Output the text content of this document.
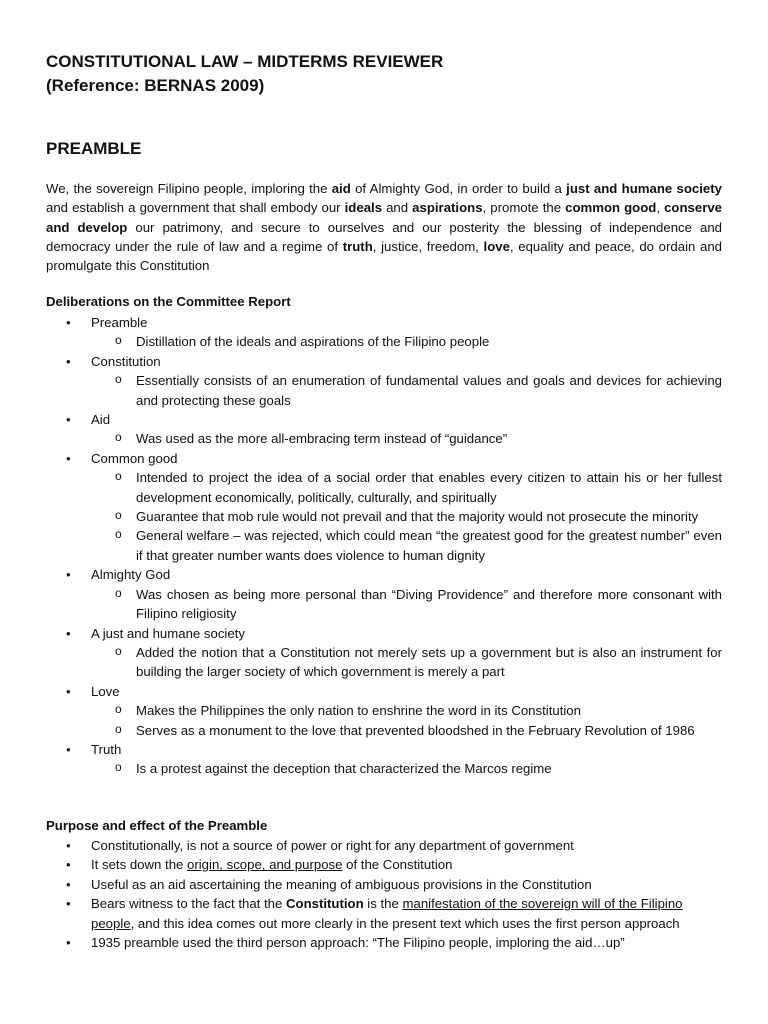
CONSTITUTIONAL LAW – MIDTERMS REVIEWER
(Reference: BERNAS 2009)
PREAMBLE
We, the sovereign Filipino people, imploring the aid of Almighty God, in order to build a just and humane society and establish a government that shall embody our ideals and aspirations, promote the common good, conserve and develop our patrimony, and secure to ourselves and our posterity the blessing of independence and democracy under the rule of law and a regime of truth, justice, freedom, love, equality and peace, do ordain and promulgate this Constitution
Deliberations on the Committee Report
• Preamble
o Distillation of the ideals and aspirations of the Filipino people
• Constitution
o Essentially consists of an enumeration of fundamental values and goals and devices for achieving and protecting these goals
• Aid
o Was used as the more all-embracing term instead of “guidance”
• Common good
o Intended to project the idea of a social order that enables every citizen to attain his or her fullest development economically, politically, culturally, and spiritually
o Guarantee that mob rule would not prevail and that the majority would not prosecute the minority
o General welfare – was rejected, which could mean “the greatest good for the greatest number” even if that greater number wants does violence to human dignity
• Almighty God
o Was chosen as being more personal than “Diving Providence” and therefore more consonant with Filipino religiosity
• A just and humane society
o Added the notion that a Constitution not merely sets up a government but is also an instrument for building the larger society of which government is merely a part
• Love
o Makes the Philippines the only nation to enshrine the word in its Constitution
o Serves as a monument to the love that prevented bloodshed in the February Revolution of 1986
• Truth
o Is a protest against the deception that characterized the Marcos regime
Purpose and effect of the Preamble
• Constitutionally, is not a source of power or right for any department of government
• It sets down the origin, scope, and purpose of the Constitution
• Useful as an aid ascertaining the meaning of ambiguous provisions in the Constitution
• Bears witness to the fact that the Constitution is the manifestation of the sovereign will of the Filipino people, and this idea comes out more clearly in the present text which uses the first person approach
• 1935 preamble used the third person approach: “The Filipino people, imploring the aid…up”
